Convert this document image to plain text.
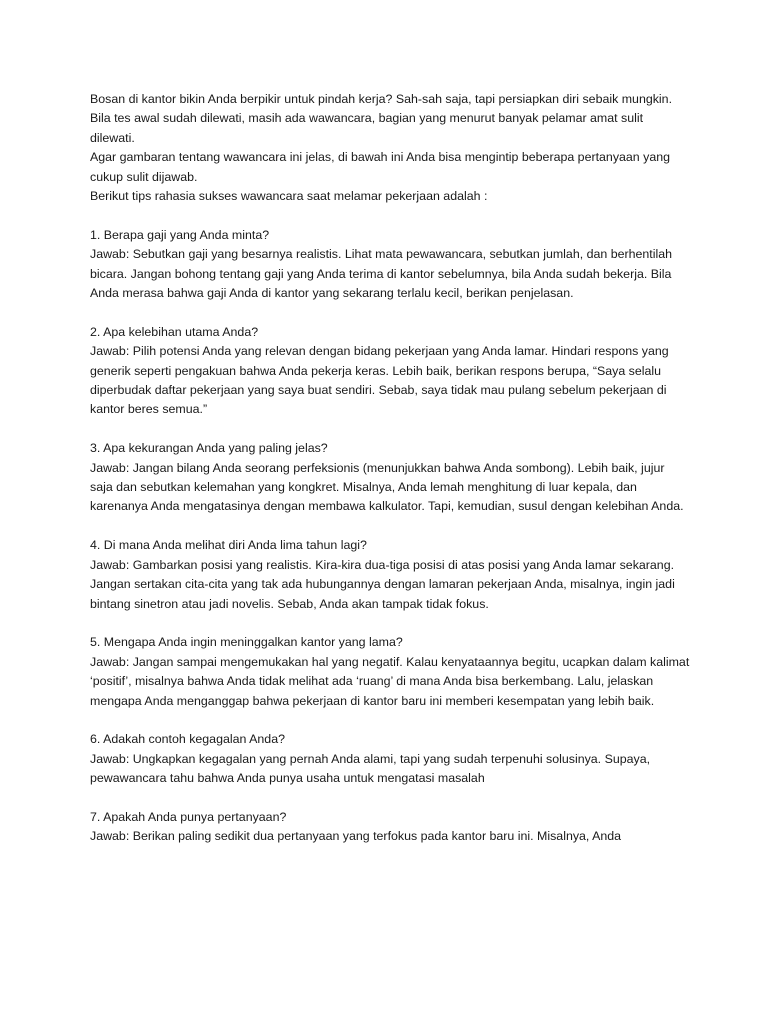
Bosan di kantor bikin Anda berpikir untuk pindah kerja? Sah-sah saja, tapi persiapkan diri sebaik mungkin.

Bila tes awal sudah dilewati, masih ada wawancara, bagian yang menurut banyak pelamar amat sulit dilewati.

Agar gambaran tentang wawancara ini jelas, di bawah ini Anda bisa mengintip beberapa pertanyaan yang cukup sulit dijawab.

Berikut tips rahasia sukses wawancara saat melamar pekerjaan adalah :

1. Berapa gaji yang Anda minta?

Jawab: Sebutkan gaji yang besarnya realistis. Lihat mata pewawancara, sebutkan jumlah, dan berhentilah bicara. Jangan bohong tentang gaji yang Anda terima di kantor sebelumnya, bila Anda sudah bekerja. Bila Anda merasa bahwa gaji Anda di kantor yang sekarang terlalu kecil, berikan penjelasan.

2. Apa kelebihan utama Anda?

Jawab: Pilih potensi Anda yang relevan dengan bidang pekerjaan yang Anda lamar. Hindari respons yang generik seperti pengakuan bahwa Anda pekerja keras. Lebih baik, berikan respons berupa, “Saya selalu diperbudak daftar pekerjaan yang saya buat sendiri. Sebab, saya tidak mau pulang sebelum pekerjaan di kantor beres semua.”

3. Apa kekurangan Anda yang paling jelas?

Jawab: Jangan bilang Anda seorang perfeksionis (menunjukkan bahwa Anda sombong). Lebih baik, jujur saja dan sebutkan kelemahan yang kongkret. Misalnya, Anda lemah menghitung di luar kepala, dan karenanya Anda mengatasinya dengan membawa kalkulator. Tapi, kemudian, susul dengan kelebihan Anda.

4. Di mana Anda melihat diri Anda lima tahun lagi?

Jawab: Gambarkan posisi yang realistis. Kira-kira dua-tiga posisi di atas posisi yang Anda lamar sekarang. Jangan sertakan cita-cita yang tak ada hubungannya dengan lamaran pekerjaan Anda, misalnya, ingin jadi bintang sinetron atau jadi novelis. Sebab, Anda akan tampak tidak fokus.

5. Mengapa Anda ingin meninggalkan kantor yang lama?

Jawab: Jangan sampai mengemukakan hal yang negatif. Kalau kenyataannya begitu, ucapkan dalam kalimat ‘positif’, misalnya bahwa Anda tidak melihat ada ‘ruang’ di mana Anda bisa berkembang. Lalu, jelaskan mengapa Anda menganggap bahwa pekerjaan di kantor baru ini memberi kesempatan yang lebih baik.

6. Adakah contoh kegagalan Anda?

Jawab: Ungkapkan kegagalan yang pernah Anda alami, tapi yang sudah terpenuhi solusinya. Supaya, pewawancara tahu bahwa Anda punya usaha untuk mengatasi masalah

7. Apakah Anda punya pertanyaan?

Jawab: Berikan paling sedikit dua pertanyaan yang terfokus pada kantor baru ini. Misalnya, Anda
